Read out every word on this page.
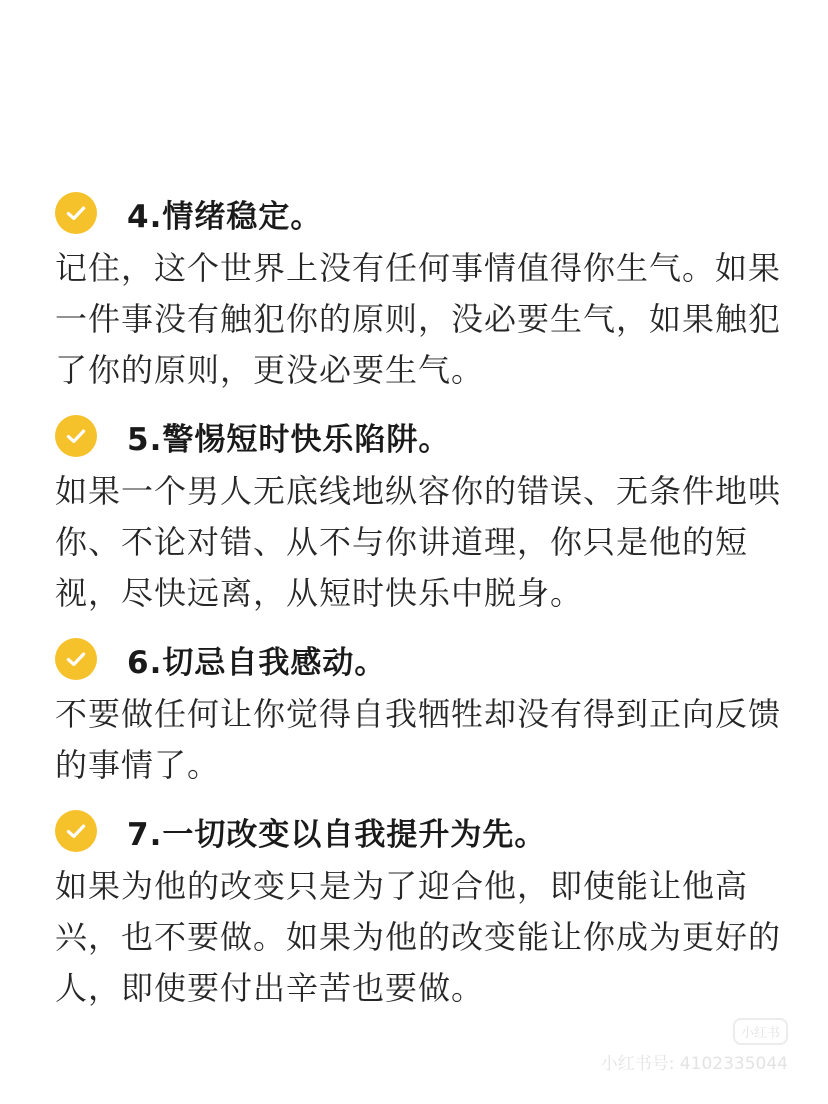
4.情绪稳定。
记住，这个世界上没有任何事情值得你生气。如果一件事没有触犯你的原则，没必要生气，如果触犯了你的原则，更没必要生气。
5.警惕短时快乐陷阱。
如果一个男人无底线地纵容你的错误、无条件地哄你、不论对错、从不与你讲道理，你只是他的短视，尽快远离，从短时快乐中脱身。
6.切忌自我感动。
不要做任何让你觉得自我牺牲却没有得到正向反馈的事情了。
7.一切改变以自我提升为先。
如果为他的改变只是为了迎合他，即使能让他高兴，也不要做。如果为他的改变能让你成为更好的人，即使要付出辛苦也要做。
小红书
小红书号: 4102335044
